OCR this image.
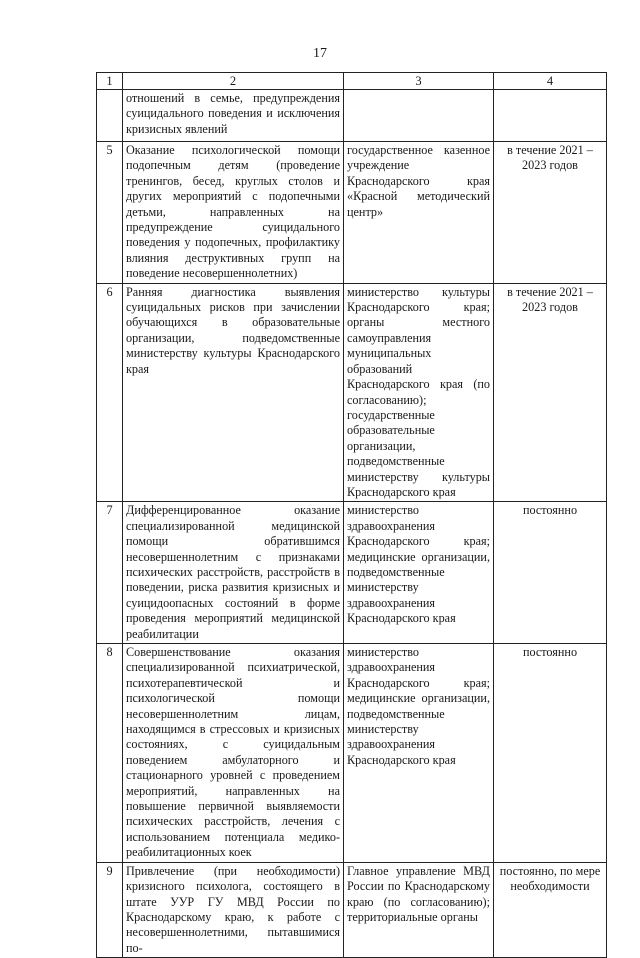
17
1	2	3	4
	отношений в семье, предупреждения суицидального поведения и исключения кризисных явлений		
5	Оказание психологической помощи подопечным детям (проведение тренингов, бесед, круглых столов и других мероприятий с подопечными детьми, направленных на предупреждение суицидального поведения у подопечных, профилактику влияния деструктивных групп на поведение несовершеннолетних)	государственное казенное учреждение Краснодарского края «Красной методический центр»	в течение 2021 – 2023 годов
6	Ранняя диагностика выявления суицидальных рисков при зачислении обучающихся в образовательные организации, подведомственные министерству культуры Краснодарского края	министерство культуры Краснодарского края; органы местного самоуправления муниципальных образований Краснодарского края (по согласованию); государственные образовательные организации, подведомственные министерству культуры Краснодарского края	в течение 2021 – 2023 годов
7	Дифференцированное оказание специализированной медицинской помощи обратившимся несовершеннолетним с признаками психических расстройств, расстройств в поведении, риска развития кризисных и суицидоопасных состояний в форме проведения мероприятий медицинской реабилитации	министерство здравоохранения Краснодарского края; медицинские организации, подведомственные министерству здравоохранения Краснодарского края	постоянно
8	Совершенствование оказания специализированной психиатрической, психотерапевтической и психологической помощи несовершеннолетним лицам, находящимся в стрессовых и кризисных состояниях, с суицидальным поведением амбулаторного и стационарного уровней с проведением мероприятий, направленных на повышение первичной выявляемости психических расстройств, лечения с использованием потенциала медико-реабилитационных коек	министерство здравоохранения Краснодарского края; медицинские организации, подведомственные министерству здравоохранения Краснодарского края	постоянно
9	Привлечение (при необходимости) кризисного психолога, состоящего в штате УУР ГУ МВД России по Краснодарскому краю, к работе с несовершеннолетними, пытавшимися по-	Главное управление МВД России по Краснодарскому краю (по согласованию); территориальные органы	постоянно, по мере необходимости
